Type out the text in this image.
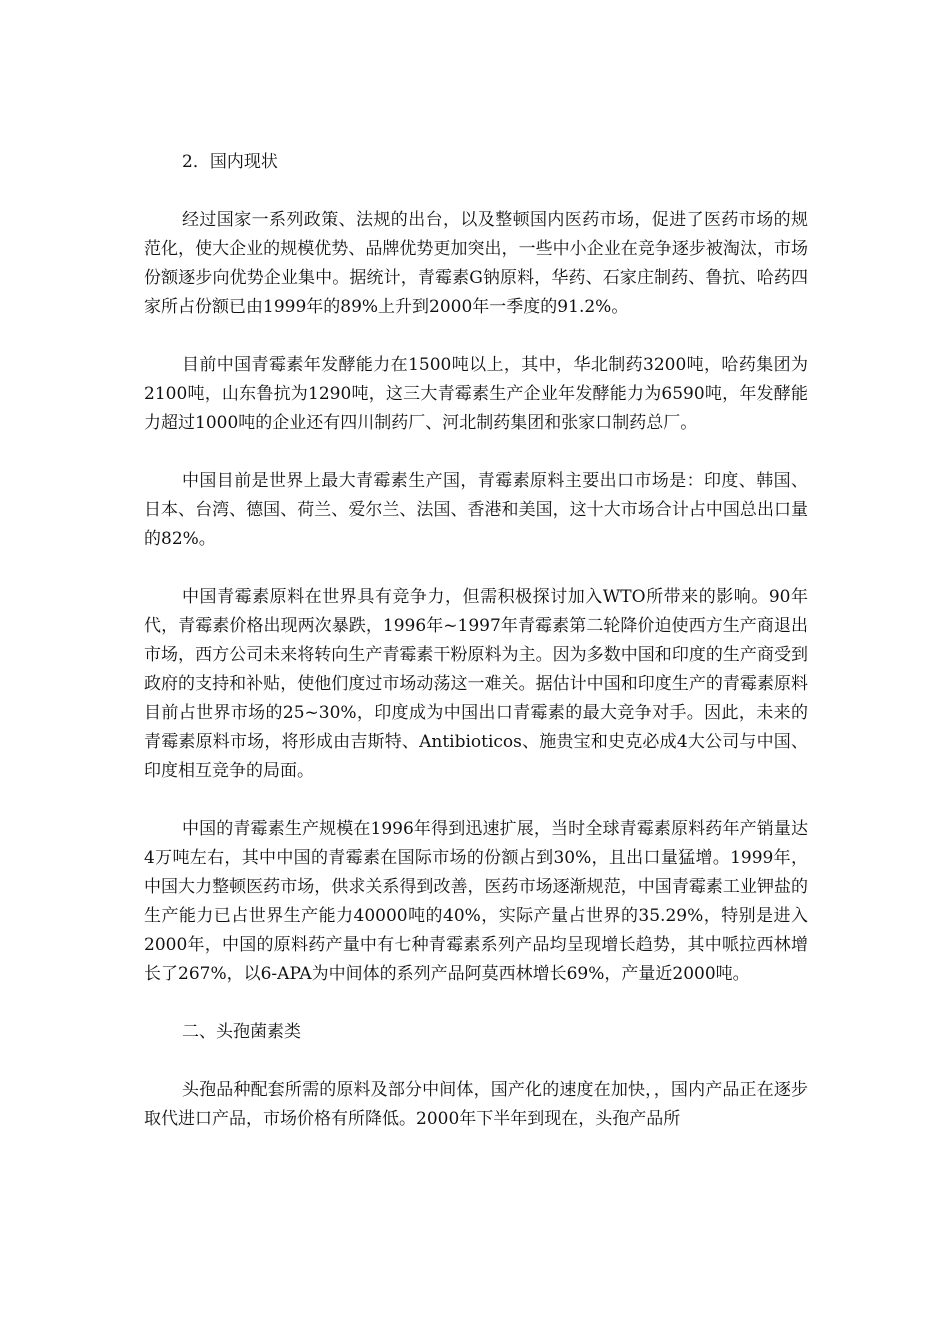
2．国内现状

经过国家一系列政策、法规的出台，以及整顿国内医药市场，促进了医药市场的规范化，使大企业的规模优势、品牌优势更加突出，一些中小企业在竞争逐步被淘汰，市场份额逐步向优势企业集中。据统计，青霉素G钠原料，华药、石家庄制药、鲁抗、哈药四家所占份额已由1999年的89%上升到2000年一季度的91.2%。

目前中国青霉素年发酵能力在1500吨以上，其中，华北制药3200吨，哈药集团为2100吨，山东鲁抗为1290吨，这三大青霉素生产企业年发酵能力为6590吨，年发酵能力超过1000吨的企业还有四川制药厂、河北制药集团和张家口制药总厂。

中国目前是世界上最大青霉素生产国，青霉素原料主要出口市场是：印度、韩国、日本、台湾、德国、荷兰、爱尔兰、法国、香港和美国，这十大市场合计占中国总出口量的82%。

中国青霉素原料在世界具有竞争力，但需积极探讨加入WTO所带来的影响。90年代，青霉素价格出现两次暴跌，1996年~1997年青霉素第二轮降价迫使西方生产商退出市场，西方公司未来将转向生产青霉素干粉原料为主。因为多数中国和印度的生产商受到政府的支持和补贴，使他们度过市场动荡这一难关。据估计中国和印度生产的青霉素原料目前占世界市场的25~30%，印度成为中国出口青霉素的最大竞争对手。因此，未来的青霉素原料市场，将形成由吉斯特、Antibioticos、施贵宝和史克必成4大公司与中国、印度相互竞争的局面。

中国的青霉素生产规模在1996年得到迅速扩展，当时全球青霉素原料药年产销量达4万吨左右，其中中国的青霉素在国际市场的份额占到30%，且出口量猛增。1999年，中国大力整顿医药市场，供求关系得到改善，医药市场逐渐规范，中国青霉素工业钾盐的生产能力已占世界生产能力40000吨的40%，实际产量占世界的35.29%，特别是进入2000年，中国的原料药产量中有七种青霉素系列产品均呈现增长趋势，其中哌拉西林增长了267%，以6-APA为中间体的系列产品阿莫西林增长69%，产量近2000吨。

二、头孢菌素类

头孢品种配套所需的原料及部分中间体，国产化的速度在加快，，国内产品正在逐步取代进口产品，市场价格有所降低。2000年下半年到现在，头孢产品所
